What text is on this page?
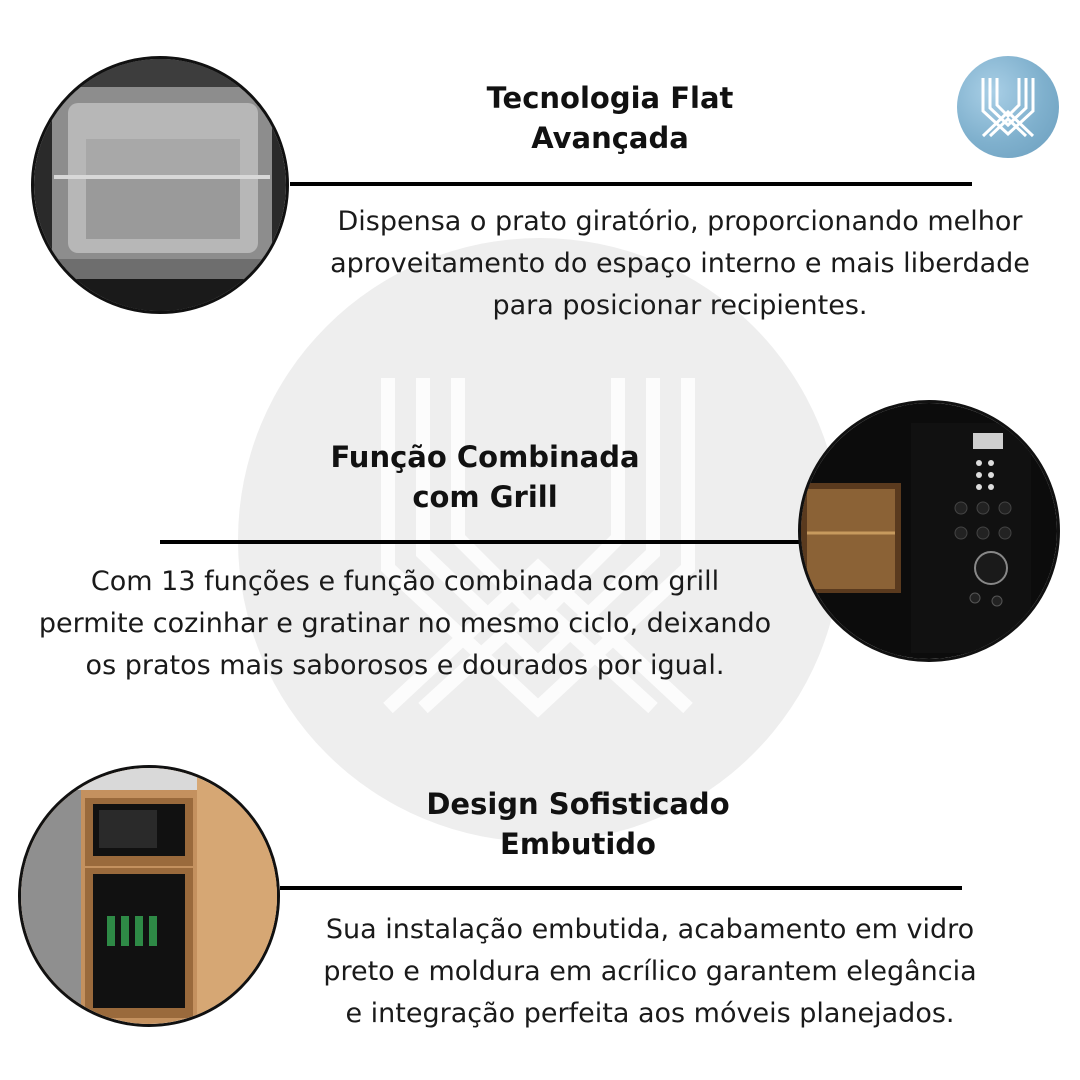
Tecnologia Flat
Avançada
Dispensa o prato giratório, proporcionando melhor
aproveitamento do espaço interno e mais liberdade
para posicionar recipientes.
Função Combinada
com Grill
Com 13 funções e função combinada com grill
permite cozinhar e gratinar no mesmo ciclo, deixando
os pratos mais saborosos e dourados por igual.
Design Sofisticado
Embutido
Sua instalação embutida, acabamento em vidro
preto e moldura em acrílico garantem elegância
e integração perfeita aos móveis planejados.
